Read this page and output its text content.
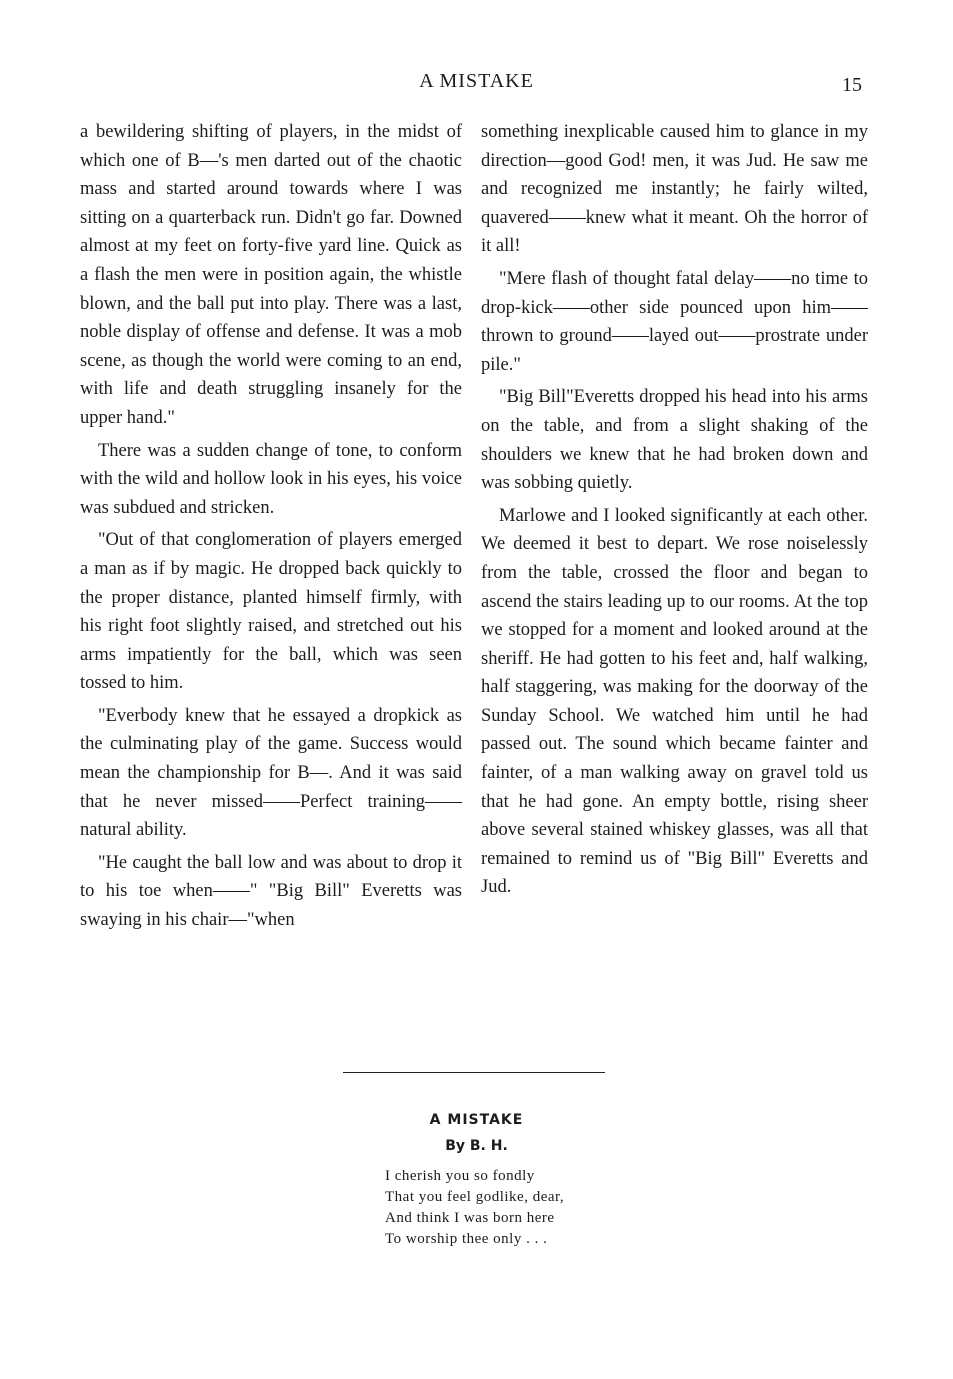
A MISTAKE	15

a bewildering shifting of players, in the midst of which one of B—'s men darted out of the chaotic mass and started around towards where I was sitting on a quarterback run. Didn't go far. Downed almost at my feet on forty-five yard line. Quick as a flash the men were in position again, the whistle blown, and the ball put into play. There was a last, noble display of offense and defense. It was a mob scene, as though the world were coming to an end, with life and death struggling insanely for the upper hand."

There was a sudden change of tone, to conform with the wild and hollow look in his eyes, his voice was subdued and stricken.

"Out of that conglomeration of players emerged a man as if by magic. He dropped back quickly to the proper distance, planted himself firmly, with his right foot slightly raised, and stretched out his arms impatiently for the ball, which was seen tossed to him.

"Everbody knew that he essayed a dropkick as the culminating play of the game. Success would mean the championship for B—. And it was said that he never missed——Perfect training——natural ability.

"He caught the ball low and was about to drop it to his toe when——" "Big Bill" Everetts was swaying in his chair—"when

something inexplicable caused him to glance in my direction—good God! men, it was Jud. He saw me and recognized me instantly; he fairly wilted, quavered——knew what it meant. Oh the horror of it all!

"Mere flash of thought fatal delay——no time to drop-kick——other side pounced upon him——thrown to ground——layed out——prostrate under pile."

"Big Bill"Everetts dropped his head into his arms on the table, and from a slight shaking of the shoulders we knew that he had broken down and was sobbing quietly.

Marlowe and I looked significantly at each other. We deemed it best to depart. We rose noiselessly from the table, crossed the floor and began to ascend the stairs leading up to our rooms. At the top we stopped for a moment and looked around at the sheriff. He had gotten to his feet and, half walking, half staggering, was making for the doorway of the Sunday School. We watched him until he had passed out. The sound which became fainter and fainter, of a man walking away on gravel told us that he had gone. An empty bottle, rising sheer above several stained whiskey glasses, was all that remained to remind us of "Big Bill" Everetts and Jud.

A MISTAKE
By B. H.
I cherish you so fondly
That you feel godlike, dear,
And think I was born here
To worship thee only . . .
